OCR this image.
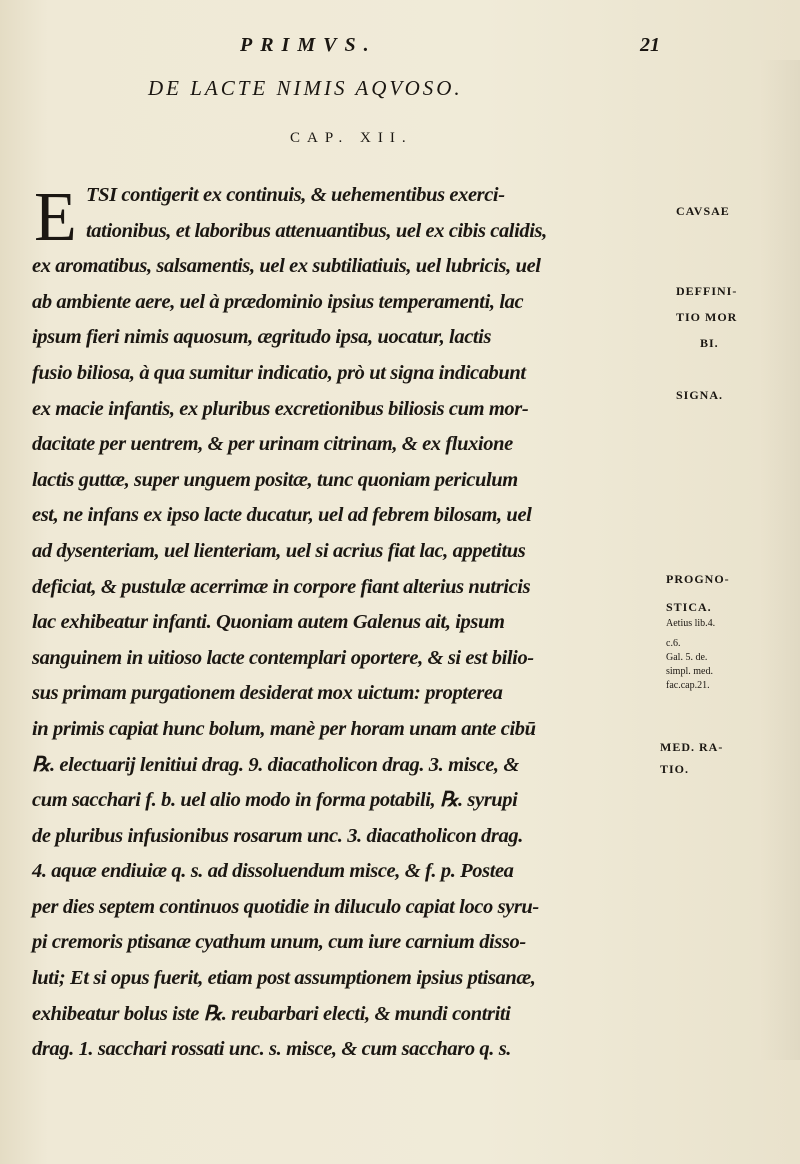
PRIMVS.	21
DE LACTE NIMIS AQVOSO.
CAP. XII.
E TSI contigerit ex continuis, & uehementibus exerci-
tationibus, et laboribus attenuantibus, uel ex cibis calidis,
ex aromatibus, salsamentis, uel ex subtiliatiuis, uel lubricis, uel
ab ambiente aere, uel à prædominio ipsius temperamenti, lac
ipsum fieri nimis aquosum, ægritudo ipsa, uocatur, lactis
fusio biliosa, à qua sumitur indicatio, prò ut signa indicabunt
ex macie infantis, ex pluribus excretionibus biliosis cum mor-
dacitate per uentrem, & per urinam citrinam, & ex fluxione
lactis guttæ, super unguem positæ, tunc quoniam periculum
est, ne infans ex ipso lacte ducatur, uel ad febrem bilosam, uel
ad dysenteriam, uel lienteriam, uel si acrius fiat lac, appetitus
deficiat, & pustulæ acerrimæ in corpore fiant alterius nutricis
lac exhibeatur infanti. Quoniam autem Galenus ait, ipsum
sanguinem in uitioso lacte contemplari oportere, & si est bilio-
sus primam purgationem desiderat mox uictum: propterea
in primis capiat hunc bolum, manè per horam unam ante cibū
℞. electuarij lenitiui drag. 9. diacatholicon drag. 3. misce, &
cum sacchari f. b. uel alio modo in forma potabili, ℞. syrupi
de pluribus infusionibus rosarum unc. 3. diacatholicon drag.
4. aquæ endiuiæ q. s. ad dissoluendum misce, & f. p. Postea
per dies septem continuos quotidie in diluculo capiat loco syru-
pi cremoris ptisanæ cyathum unum, cum iure carnium disso-
luti; Et si opus fuerit, etiam post assumptionem ipsius ptisanæ,
exhibeatur bolus iste ℞. reubarbari electi, & mundi contriti
drag. 1. sacchari rossati unc. s. misce, & cum saccharo q. s.
CAVSAE
DEFFINI-
TIO MOR
BI.
SIGNA.
PROGNO-
STICA.
Aetius lib.4.
c.6.
Gal. 5. de.
simpl. med.
fac.cap.21.
MED. RA-
TIO.
